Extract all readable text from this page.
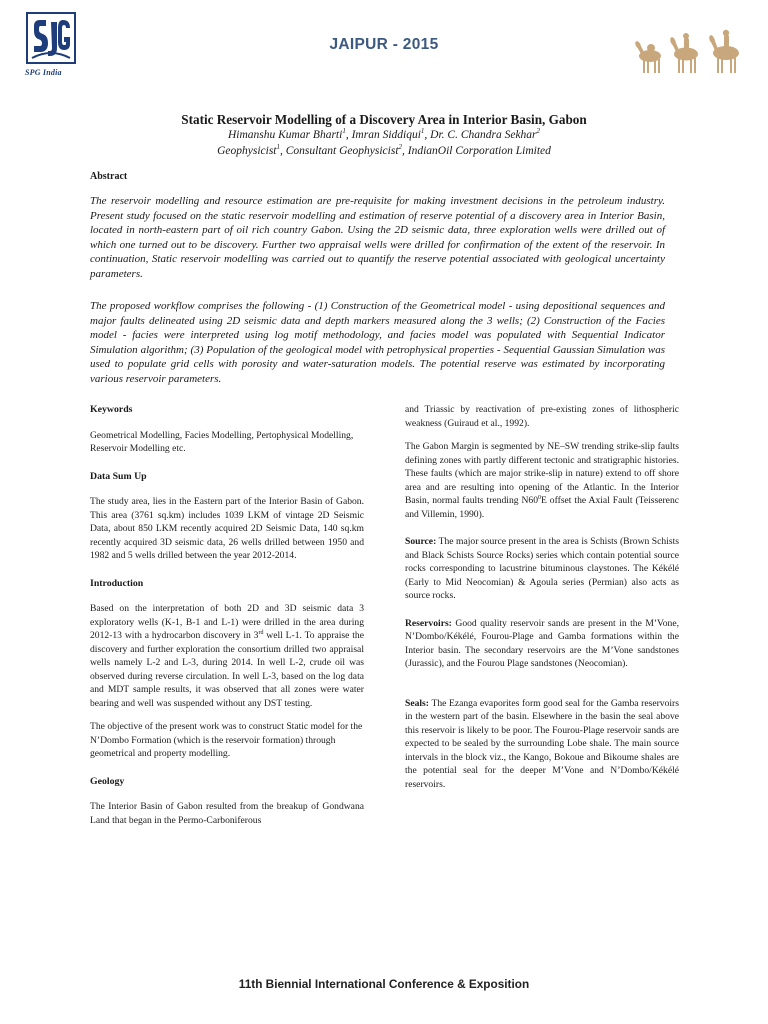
SPG India
JAIPUR - 2015
Static Reservoir Modelling of a Discovery Area in Interior Basin, Gabon
Himanshu Kumar Bharti$^1$, Imran Siddiqui$^1$, Dr. C. Chandra Sekhar$^2$
Geophysicist$^1$, Consultant Geophysicist$^2$, IndianOil Corporation Limited
Abstract

The reservoir modelling and resource estimation are pre-requisite for making investment decisions in the petroleum industry. Present study focused on the static reservoir modelling and estimation of reserve potential of a discovery area in Interior Basin, located in north-eastern part of oil rich country Gabon. Using the 2D seismic data, three exploration wells were drilled out of which one turned out to be discovery. Further two appraisal wells were drilled for confirmation of the extent of the reservoir. In continuation, Static reservoir modelling was carried out to quantify the reserve potential associated with geological uncertainty parameters.

The proposed workflow comprises the following - (1) Construction of the Geometrical model - using depositional sequences and major faults delineated using 2D seismic data and depth markers measured along the 3 wells; (2) Construction of the Facies model - facies were interpreted using log motif methodology, and facies model was populated with Sequential Indicator Simulation algorithm; (3) Population of the geological model with petrophysical properties - Sequential Gaussian Simulation was used to populate grid cells with porosity and water-saturation models. The potential reserve was estimated by incorporating various reservoir parameters.

Keywords

Geometrical Modelling, Facies Modelling, Pertophysical Modelling, Reservoir Modelling etc.

Data Sum Up

The study area, lies in the Eastern part of the Interior Basin of Gabon. This area (3761 sq.km) includes 1039 LKM of vintage 2D Seismic Data, about 850 LKM recently acquired 2D Seismic Data, 140 sq.km recently acquired 3D seismic data, 26 wells drilled between 1950 and 1982 and 5 wells drilled between the year 2012-2014.

Introduction

Based on the interpretation of both 2D and 3D seismic data 3 exploratory wells (K-1, B-1 and L-1) were drilled in the area during 2012-13 with a hydrocarbon discovery in 3rd well L-1. To appraise the discovery and further exploration the consortium drilled two appraisal wells namely L-2 and L-3, during 2014. In well L-2, crude oil was observed during reverse circulation. In well L-3, based on the log data and MDT sample results, it was observed that all zones were water bearing and well was suspended without any DST testing.

The objective of the present work was to construct Static model for the N’Dombo Formation (which is the reservoir formation) through geometrical and property modelling.

Geology

The Interior Basin of Gabon resulted from the breakup of Gondwana Land that began in the Permo-Carboniferous

and Triassic by reactivation of pre-existing zones of lithospheric weakness (Guiraud et al., 1992).

The Gabon Margin is segmented by NE–SW trending strike-slip faults defining zones with partly different tectonic and stratigraphic histories. These faults (which are major strike-slip in nature) extend to off shore area and are resulting into opening of the Atlantic. In the Interior Basin, normal faults trending $N60^0E$ offset the Axial Fault (Teisserenc and Villemin, 1990).

Source: The major source present in the area is Schists (Brown Schists and Black Schists Source Rocks) series which contain potential source rocks corresponding to lacustrine bituminous claystones. The Kékélé (Early to Mid Neocomian) & Agoula series (Permian) also acts as source rocks.

Reservoirs: Good quality reservoir sands are present in the M’Vone, N’Dombo/Kékélé, Fourou-Plage and Gamba formations within the Interior basin. The secondary reservoirs are the M’Vone sandstones (Jurassic), and the Fourou Plage sandstones (Neocomian).

Seals: The Ezanga evaporites form good seal for the Gamba reservoirs in the western part of the basin. Elsewhere in the basin the seal above this reservoir is likely to be poor. The Fourou-Plage reservoir sands are expected to be sealed by the surrounding Lobe shale. The main source intervals in the block viz., the Kango, Bokoue and Bikoume shales are the potential seal for the deeper M’Vone and N’Dombo/Kékélé reservoirs.

11th Biennial International Conference & Exposition
